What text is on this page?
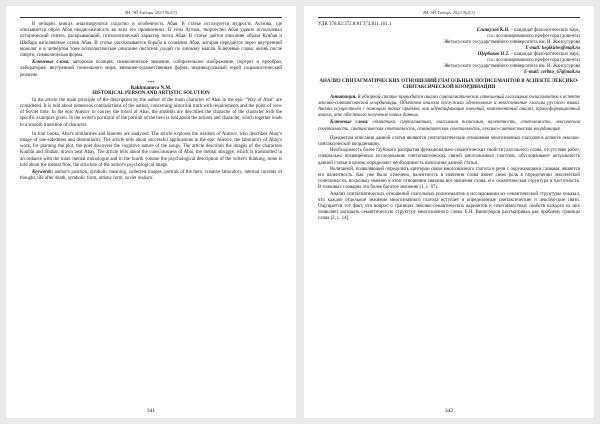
ВА ЭЙ Хабари 2023 №3(3)

В четырёх книгах анализируются сходство и особенность Абая. В статье исследуется мудрость Ауэзова, где описывается образ Абая неоднозначность во всех его проявлениях. В этом Ауэзов, творчество Абая удачно использовал исторический синтез, раскрывающий, психологический характер поэта Абая. В статье даётся описание образа Кунбая и Шибара наполняемое основ Абая. В статье рассказывается борьба в сознании Абая, которая передаётся через внутренний монолог и в четвёртом томе психологическое описание писателя уходит по личному мысли. Ключевые слова: жизнь после смерти, символическая форма.

Ключевые слова: авторская позиция, символическое значение, собирательное изображение, портрет и прообраз, лаборатория, внутренний тоннельного мира, внешнее-художественная форма, индивидуальный герой социалистический реализм.

***
Rakhmanova N.M.
HISTORICAL PERSON AND ARTISTIC SOLUTION

In the article the main principle of the description by the author of the main character of Abai in the epic "Way of Abai" are considered. It is told about numerous contradictions of the author, concerning historical truth with requirements and the point of view of Soviet time. In the epic Auezov to convey the mood of Abai, the students are described the character of the character with the specific examples given. In the writer's portrayal of the portrait of the hero is told about the actions and character, which together leads to a smooth transition of character.

In four books, Abai's similarities and features are analyzed. The article explores the wisdom of Auezov, who describes Abay's image of one-sidedness and dissimilarity. The article tells about successful applications in the epic Auezov, the laboratory of Abay's work, for planting the plot, the poet discovers the cognitive nature of the songs. The article describes the images of the characters Kunbai and Shubar, drawn near Abay. The article tells about the consciousness of Abai, the mental struggle, which is transmitted in accordance with the inner mental monologue and in the fourth volume the psychological description of the writer's thinking, mine is told about the mental flow, the structure of the author's psychological image.

Keywords: author's position, symbolic meaning, collected images, portrait of the hero, creative laboratory, internal currents of thought, life after death, symbolic form, artistic form, soviet realism.

341
ВА ЭЙ Хабари 2023 №3(3)

УДК 378.02:372.8:81'373:811.161.1

Егинкулов К.Н. – кандидат филологических наук,

п.о. ассоциированного профессора (доцента)

Жетысуского государственного университета им. И. Жансугурова

E-mail: kegikulov@mail.ru

Щербаков Н.Т. – кандидат филологических наук,

п.о. ассоциированного профессора (доцента)

Жетысуского государственного университета им. И. Жансугурова

E-mail: cerbko_67@mail.ru

АНАЛИЗ СИНТАГМАТИЧЕСКИХ ОТНОШЕНИЙ ГЛАГОЛЬНЫХ ПОЛИСЕМАНТОВ В АСПЕКТЕ ЛЕКСИКО-СИНТАКСИЧЕСКОЙ КООРДИНАЦИИ

Аннотация. В обзорной статье проводится анализ синтагматических отношений глагольных полисемантов в аспекте лексико-синтаксической координации. Объектом анализа послужили однозначные и многозначные глаголы русского языка. Анализ осуществлён с помощью таких приёмов, как идентификация значений, компонентный анализ, трансформационный анализ, что обеспечило получение новых данных.

Ключевые слова: семантика, синтагматика, глагольная полисемия, валентность, сочетаемость, лексическая сочетаемость, синтаксическая сочетаемость, семантическая сочетаемость, лексико-синтаксическая координация.

Предметом описания данной статьи являются синтагматические отношения многозначных глаголов в аспекте лексико-синтаксической координации.

Необходимость более глубокого раскрытия функционально-семантических свойств глагольного слова, отсутствие работ, специально посвящённых исследованию синтагматических связей многозначных глаголов, обусловливают актуальность данной статьи в целом, определяют необходимость написания данной статьи.

Величиной, позволяющей определить критерии связи многозначного глагола в речи с окружающими словами, является его валентность. Как уже было отмечено, валентность в значении слова имеет свою роль в определении лексической сочетаемости, поскольку именно в этом отношении связаны все значения слова, его семантическая структура и частотность. В толковых словарях это более богатое значение (1, с. 87).

Анализ синтагматических отношений глагольных полисемантов в исследовании их семантической структуры показал, что каждое отдельное значение многозначного глагола вступает в определённые синтаксические и лексические связи. Ощущается тот факт, что вопрос о границах лексико-семантических вариантов и сочетаемостных свойств каждого из них позволяет раскрыть семантическую структуру многозначного слова. Б.Н. Виноградов рассматривал как проблему границы слова [2, с. 14].

342
